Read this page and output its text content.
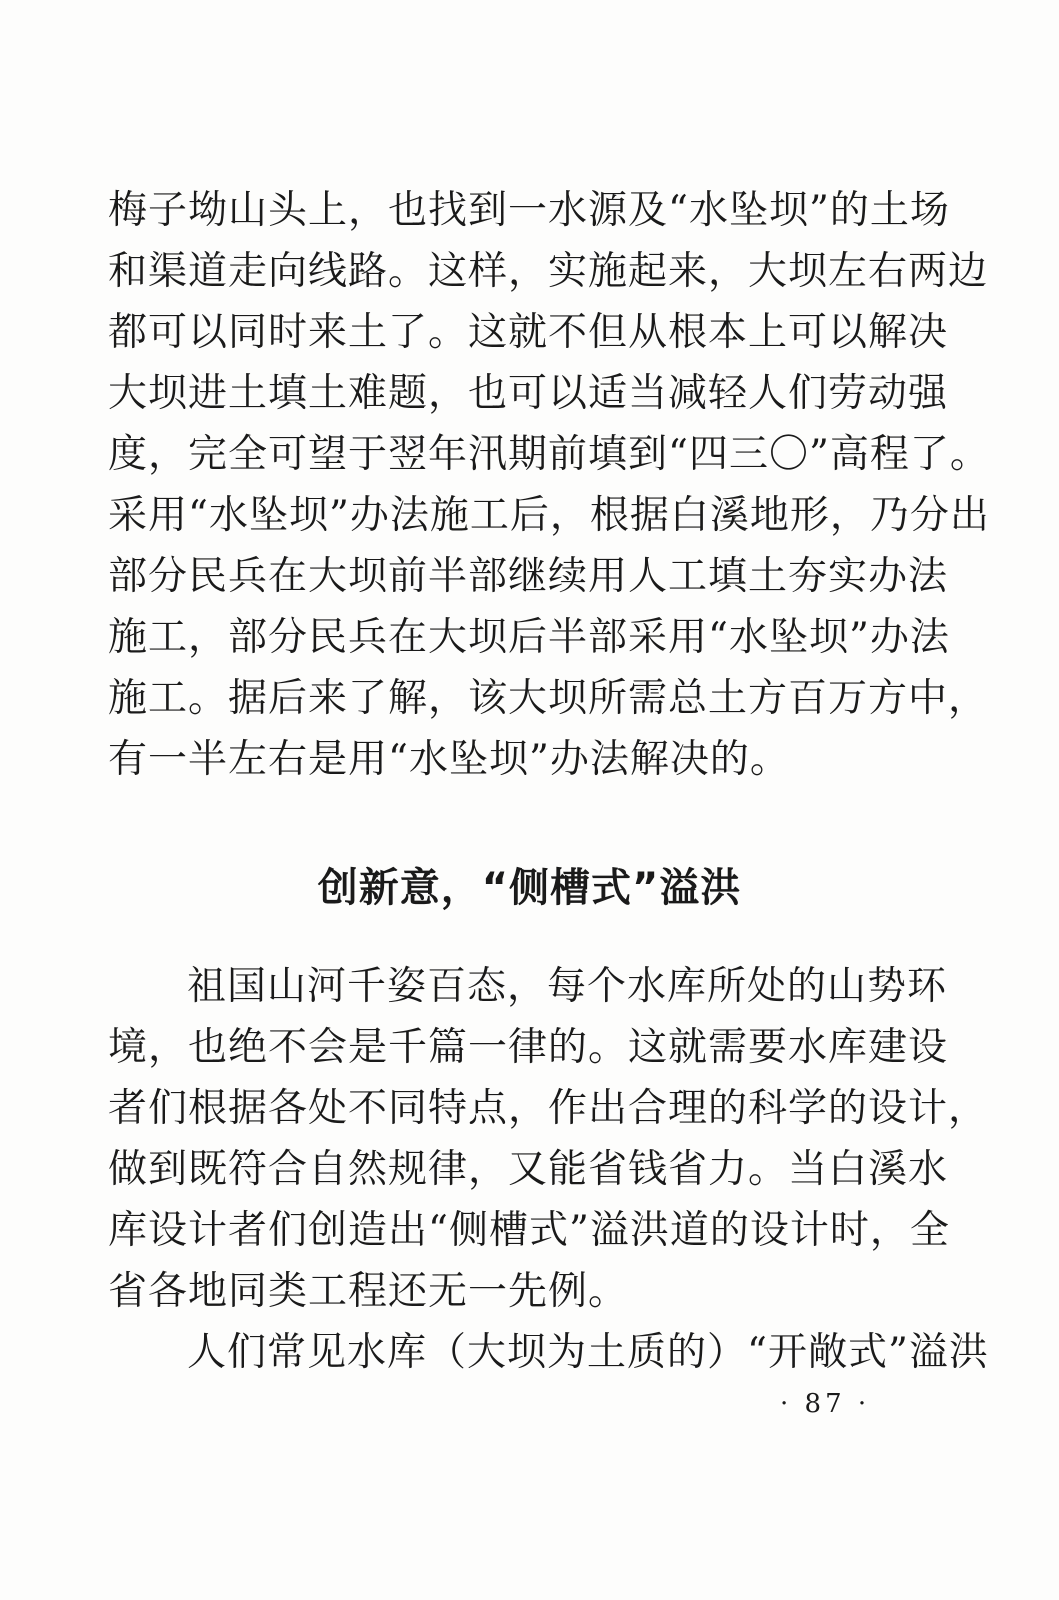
梅子坳山头上，也找到一水源及“水坠坝”的土场
和渠道走向线路。这样，实施起来，大坝左右两边
都可以同时来土了。这就不但从根本上可以解决
大坝进土填土难题，也可以适当减轻人们劳动强
度，完全可望于翌年汛期前填到“四三〇”高程了。
采用“水坠坝”办法施工后，根据白溪地形，乃分出
部分民兵在大坝前半部继续用人工填土夯实办法
施工，部分民兵在大坝后半部采用“水坠坝”办法
施工。据后来了解，该大坝所需总土方百万方中，
有一半左右是用“水坠坝”办法解决的。
创新意，“侧槽式”溢洪
祖国山河千姿百态，每个水库所处的山势环
境，也绝不会是千篇一律的。这就需要水库建设
者们根据各处不同特点，作出合理的科学的设计，
做到既符合自然规律，又能省钱省力。当白溪水
库设计者们创造出“侧槽式”溢洪道的设计时，全
省各地同类工程还无一先例。
人们常见水库（大坝为土质的）“开敞式”溢洪
· 87 ·
